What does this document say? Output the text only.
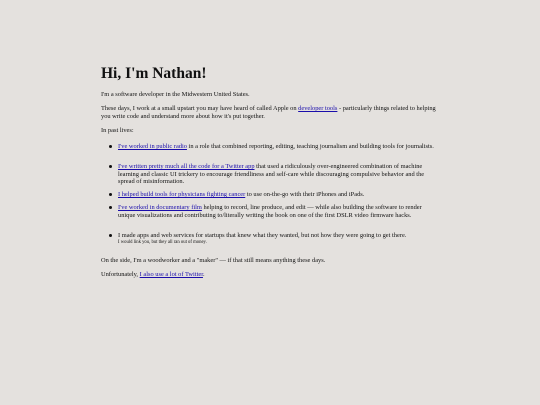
Hi, I'm Nathan!

I'm a software developer in the Midwestern United States.

These days, I work at a small upstart you may have heard of called Apple on developer tools - particularly things related to helping you write code and understand more about how it's put together.

In past lives:

I've worked in public radio in a role that combined reporting, editing, teaching journalism and building tools for journalists.
I've written pretty much all the code for a Twitter app that used a ridiculously over-engineered combination of machine learning and classic UI trickery to encourage friendliness and self-care while discouraging compulsive behavior and the spread of misinformation.
I helped build tools for physicians fighting cancer to use on-the-go with their iPhones and iPads.
I've worked in documentary film helping to record, line produce, and edit — while also building the software to render unique visualizations and contributing to/literally writing the book on one of the first DSLR video firmware hacks.
I made apps and web services for startups that knew what they wanted, but not how they were going to get there.
I would link you, but they all ran out of money.

On the side, I'm a woodworker and a "maker" — if that still means anything these days.

Unfortunately, I also use a lot of Twitter.
